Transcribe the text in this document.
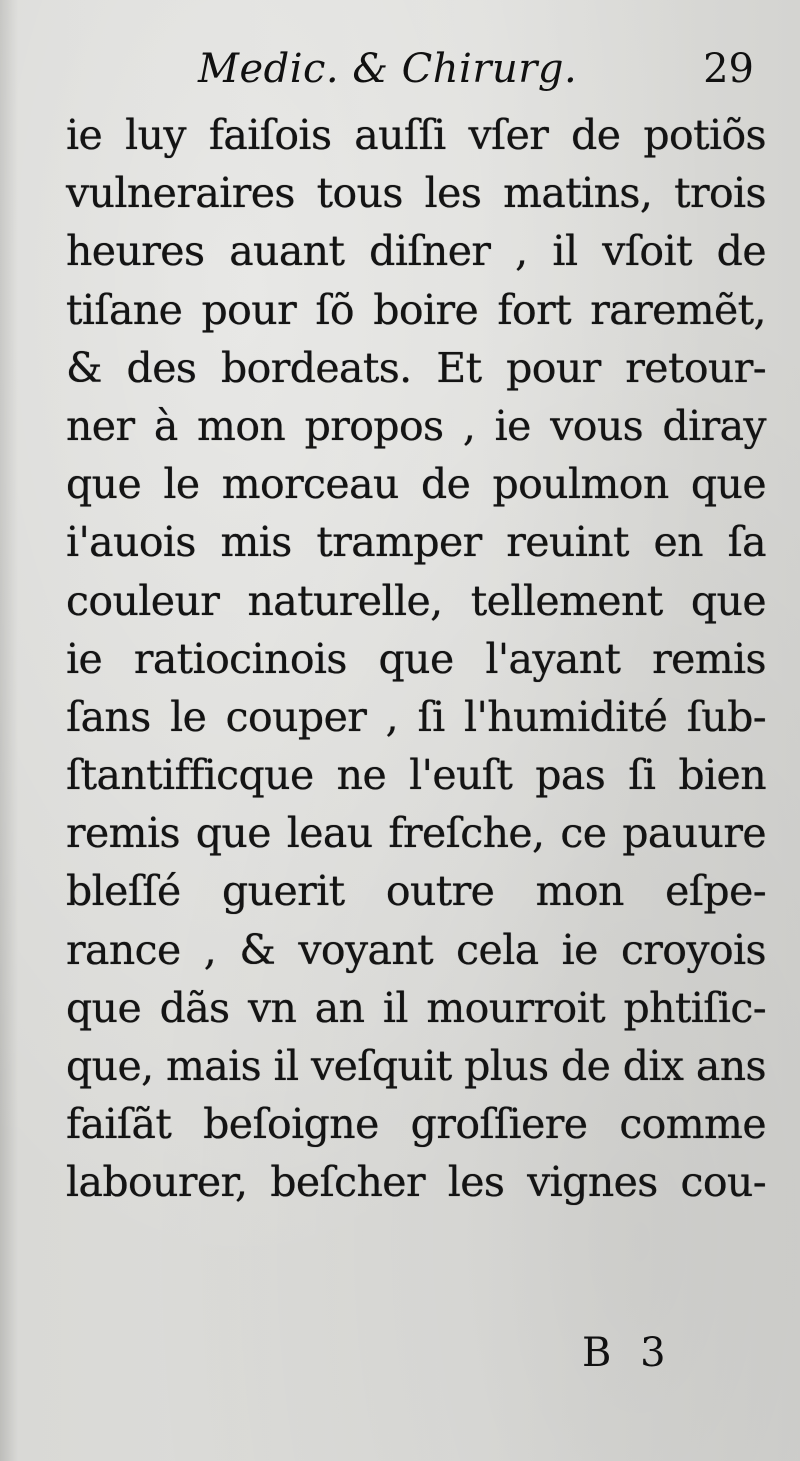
Medic. & Chirurg.	29
ie luy faiſois auſſi vſer de potiõs
vulneraires tous les matins, trois
heures auant diſner , il vſoit de
tiſane pour ſõ boire fort raremẽt,
& des bordeats. Et pour retour-
ner à mon propos , ie vous diray
que le morceau de poulmon que
i'auois mis tramper reuint en ſa
couleur naturelle, tellement que
ie ratiocinois que l'ayant remis
ſans le couper , ſi l'humidité ſub-
ſtantifficque ne l'euſt pas ſi bien
remis que leau freſche, ce pauure
bleſſé guerit outre mon eſpe-
rance , & voyant cela ie croyois
que dãs vn an il mourroit phtiſic-
que, mais il veſquit plus de dix ans
faiſãt beſoigne groſſiere comme
labourer, beſcher les vignes cou-
B 3
